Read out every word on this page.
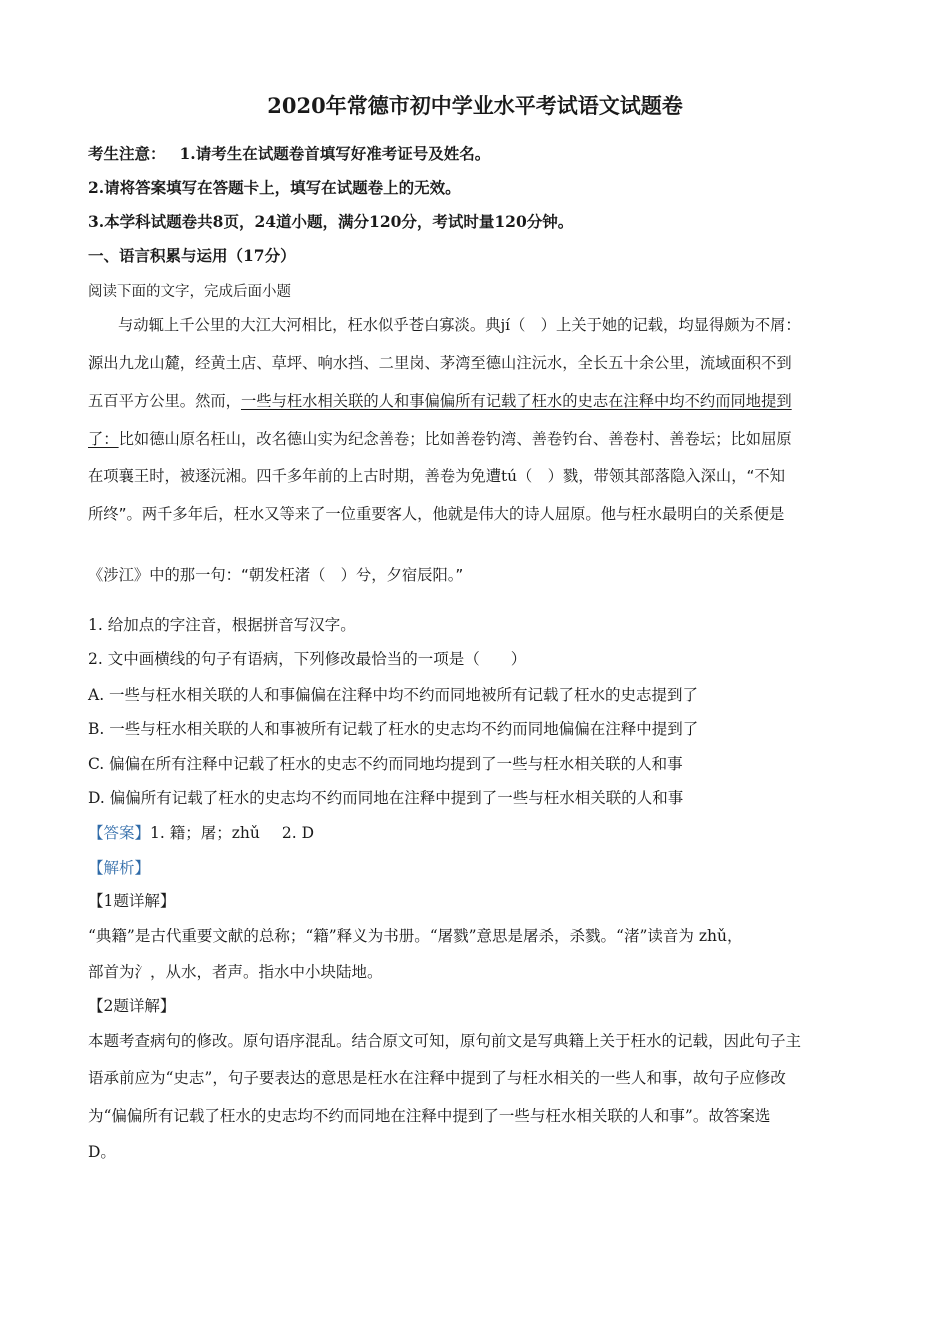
2020年常德市初中学业水平考试语文试题卷
考生注意： 1.请考生在试题卷首填写好准考证号及姓名。
2.请将答案填写在答题卡上，填写在试题卷上的无效。
3.本学科试题卷共8页，24道小题，满分120分，考试时量120分钟。
一、语言积累与运用（17分）
阅读下面的文字，完成后面小题
与动辄上千公里的大江大河相比，枉水似乎苍白寡淡。典jí（　）上关于她的记载，均显得颇为不屑：
源出九龙山麓，经黄土店、草坪、响水挡、二里岗、茅湾至德山注沅水，全长五十余公里，流域面积不到
五百平方公里。然而，一些与枉水相关联的人和事偏偏所有记载了枉水的史志在注释中均不约而同地提到
了：比如德山原名枉山，改名德山实为纪念善卷；比如善卷钓湾、善卷钓台、善卷村、善卷坛；比如屈原
在项襄王时，被逐沅湘。四千多年前的上古时期，善卷为免遭tú（　）戮，带领其部落隐入深山，“不知
所终”。两千多年后，枉水又等来了一位重要客人，他就是伟大的诗人屈原。他与枉水最明白的关系便是
《涉江》中的那一句：“朝发枉渚（　）兮，夕宿辰阳。”
1. 给加点的字注音，根据拼音写汉字。
2. 文中画横线的句子有语病，下列修改最恰当的一项是（　　）
A. 一些与枉水相关联的人和事偏偏在注释中均不约而同地被所有记载了枉水的史志提到了
B. 一些与枉水相关联的人和事被所有记载了枉水的史志均不约而同地偏偏在注释中提到了
C. 偏偏在所有注释中记载了枉水的史志不约而同地均提到了一些与枉水相关联的人和事
D. 偏偏所有记载了枉水的史志均不约而同地在注释中提到了一些与枉水相关联的人和事
【答案】1. 籍；屠；zhǔ 2. D
【解析】
【1题详解】
“典籍”是古代重要文献的总称；“籍”释义为书册。“屠戮”意思是屠杀，杀戮。“渚”读音为 zhǔ，
部首为氵，从水，者声。指水中小块陆地。
【2题详解】
本题考查病句的修改。原句语序混乱。结合原文可知，原句前文是写典籍上关于枉水的记载，因此句子主
语承前应为“史志”，句子要表达的意思是枉水在注释中提到了与枉水相关的一些人和事，故句子应修改
为“偏偏所有记载了枉水的史志均不约而同地在注释中提到了一些与枉水相关联的人和事”。故答案选
D。
